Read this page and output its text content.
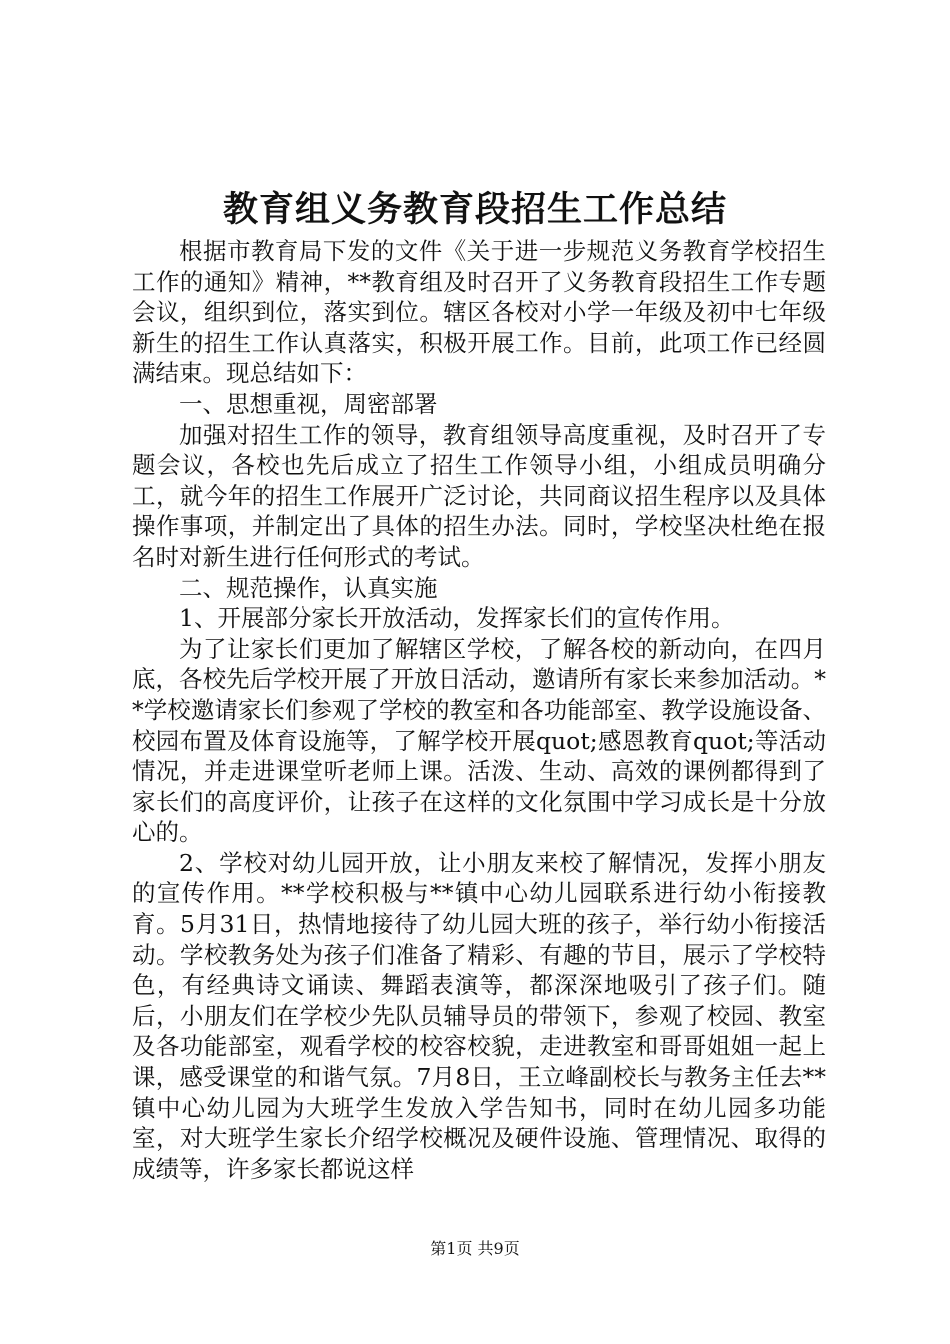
教育组义务教育段招生工作总结

根据市教育局下发的文件《关于进一步规范义务教育学校招生工作的通知》精神，**教育组及时召开了义务教育段招生工作专题会议，组织到位，落实到位。辖区各校对小学一年级及初中七年级新生的招生工作认真落实，积极开展工作。目前，此项工作已经圆满结束。现总结如下：

一、思想重视，周密部署

加强对招生工作的领导，教育组领导高度重视，及时召开了专题会议，各校也先后成立了招生工作领导小组，小组成员明确分工，就今年的招生工作展开广泛讨论，共同商议招生程序以及具体操作事项，并制定出了具体的招生办法。同时，学校坚决杜绝在报名时对新生进行任何形式的考试。

二、规范操作，认真实施

1、开展部分家长开放活动，发挥家长们的宣传作用。

为了让家长们更加了解辖区学校，了解各校的新动向，在四月底，各校先后学校开展了开放日活动，邀请所有家长来参加活动。**学校邀请家长们参观了学校的教室和各功能部室、教学设施设备、校园布置及体育设施等，了解学校开展quot;感恩教育quot;等活动情况，并走进课堂听老师上课。活泼、生动、高效的课例都得到了家长们的高度评价，让孩子在这样的文化氛围中学习成长是十分放心的。

2、学校对幼儿园开放，让小朋友来校了解情况，发挥小朋友的宣传作用。**学校积极与**镇中心幼儿园联系进行幼小衔接教育。5月31日，热情地接待了幼儿园大班的孩子，举行幼小衔接活动。学校教务处为孩子们准备了精彩、有趣的节目，展示了学校特色，有经典诗文诵读、舞蹈表演等，都深深地吸引了孩子们。随后，小朋友们在学校少先队员辅导员的带领下，参观了校园、教室及各功能部室，观看学校的校容校貌，走进教室和哥哥姐姐一起上课，感受课堂的和谐气氛。7月8日，王立峰副校长与教务主任去**镇中心幼儿园为大班学生发放入学告知书，同时在幼儿园多功能室，对大班学生家长介绍学校概况及硬件设施、管理情况、取得的成绩等，许多家长都说这样

第1页 共9页
